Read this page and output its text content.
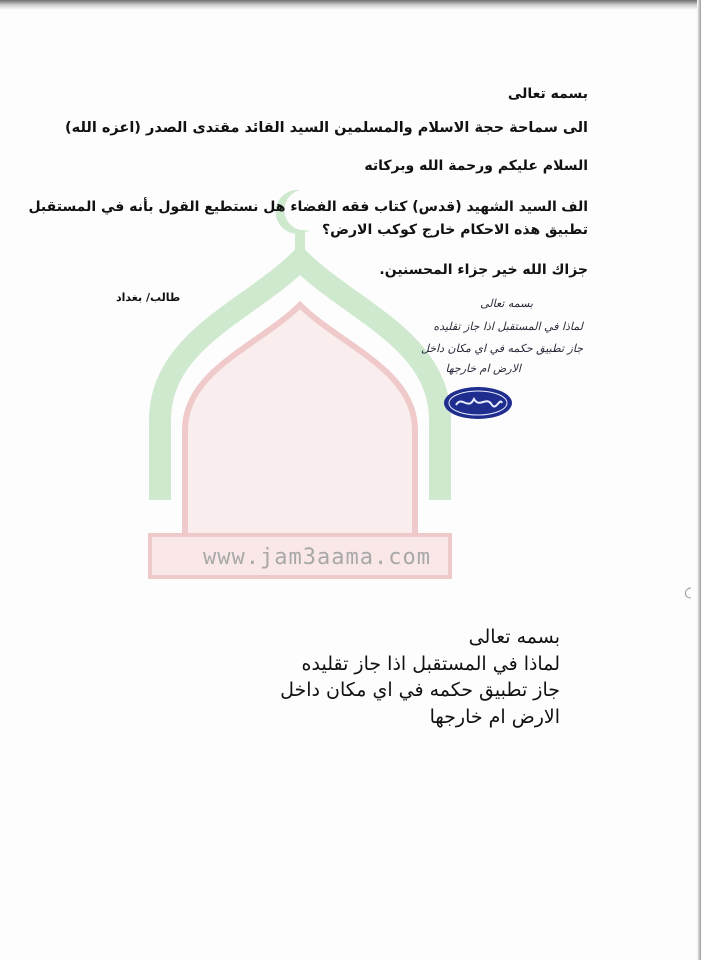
www.jam3aama.com
بسمه تعالى
الى سماحة حجة الاسلام والمسلمين السيد القائد مقتدى الصدر (اعزه الله)
السلام عليكم ورحمة الله وبركاته
الف السيد الشهيد (قدس) كتاب فقه الفضاء هل نستطيع القول بأنه في المستقبل
تطبيق هذه الاحكام خارج كوكب الارض؟
جزاك الله خير جزاء المحسنين.
طالب/ بغداد	بسمه تعالى
لماذا في المستقبل اذا جاز تقليده
جاز تطبيق حكمه في اي مكان داخل
الارض ام خارجها
بسمه تعالى
لماذا في المستقبل اذا جاز تقليده
جاز تطبيق حكمه في اي مكان داخل
الارض ام خارجها
